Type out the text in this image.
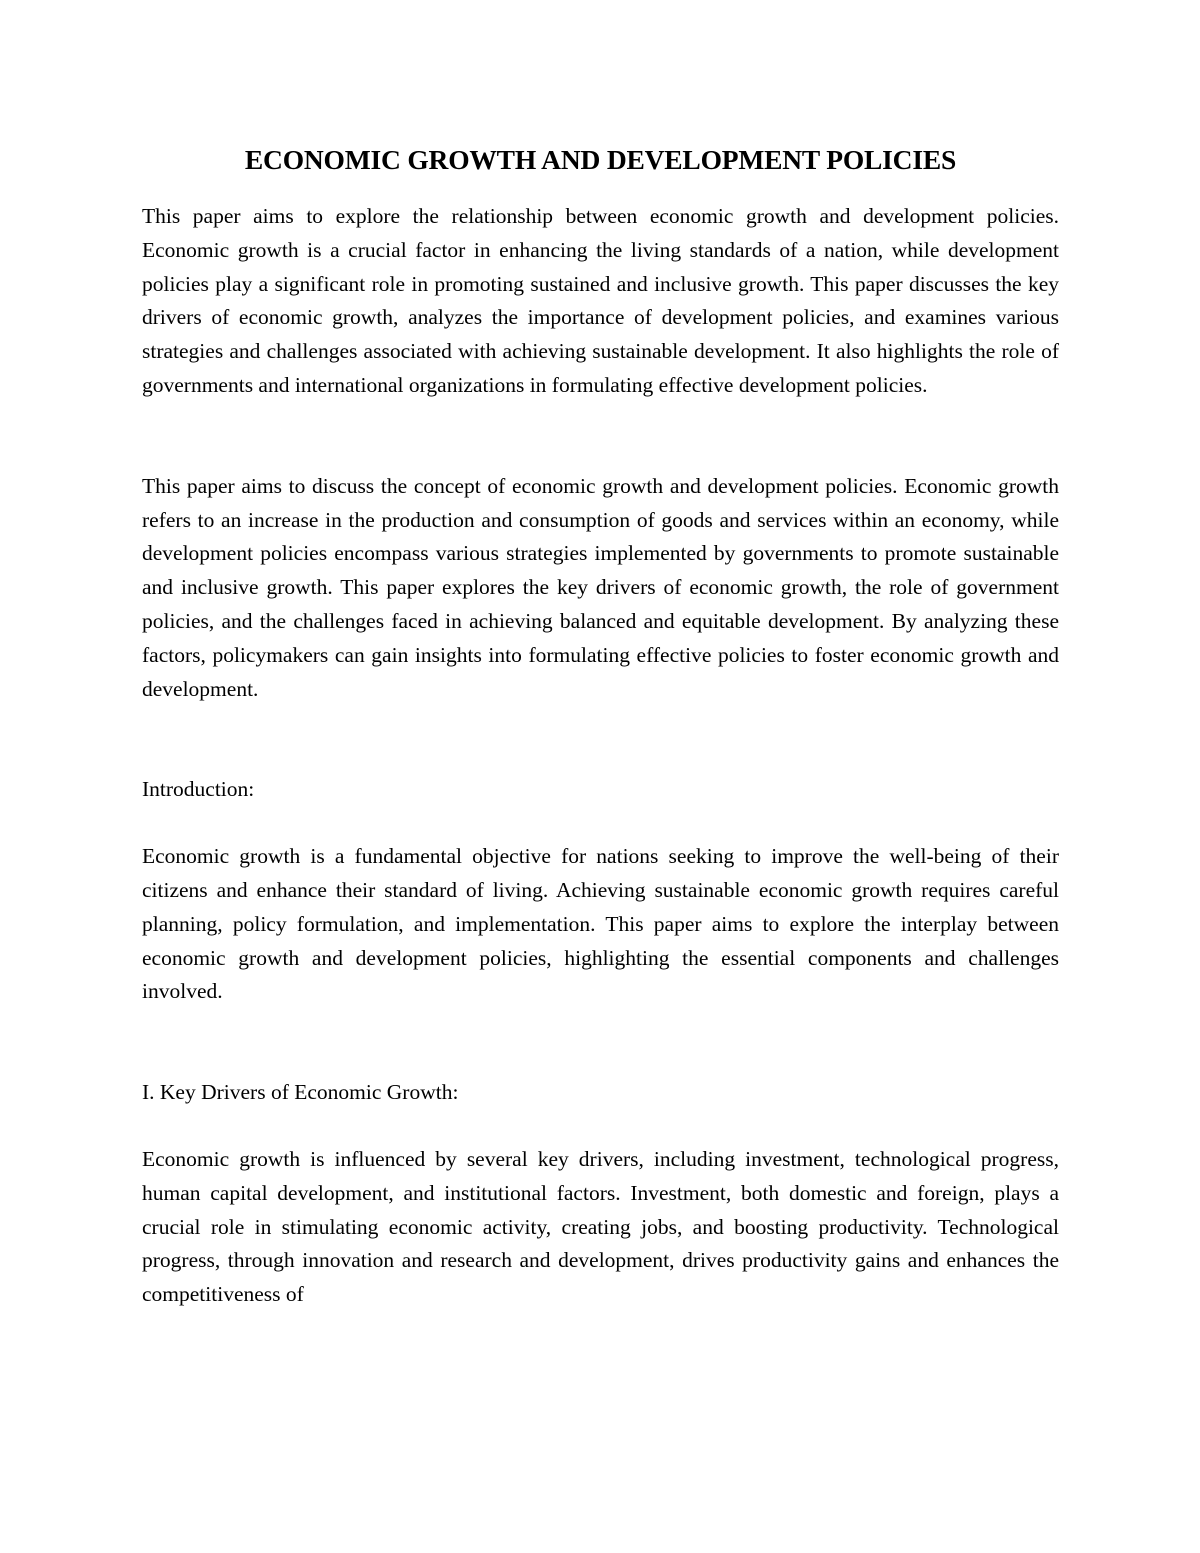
ECONOMIC GROWTH AND DEVELOPMENT POLICIES

This paper aims to explore the relationship between economic growth and development policies. Economic growth is a crucial factor in enhancing the living standards of a nation, while development policies play a significant role in promoting sustained and inclusive growth. This paper discusses the key drivers of economic growth, analyzes the importance of development policies, and examines various strategies and challenges associated with achieving sustainable development. It also highlights the role of governments and international organizations in formulating effective development policies.

This paper aims to discuss the concept of economic growth and development policies. Economic growth refers to an increase in the production and consumption of goods and services within an economy, while development policies encompass various strategies implemented by governments to promote sustainable and inclusive growth. This paper explores the key drivers of economic growth, the role of government policies, and the challenges faced in achieving balanced and equitable development. By analyzing these factors, policymakers can gain insights into formulating effective policies to foster economic growth and development.

Introduction:

Economic growth is a fundamental objective for nations seeking to improve the well-being of their citizens and enhance their standard of living. Achieving sustainable economic growth requires careful planning, policy formulation, and implementation. This paper aims to explore the interplay between economic growth and development policies, highlighting the essential components and challenges involved.

I. Key Drivers of Economic Growth:

Economic growth is influenced by several key drivers, including investment, technological progress, human capital development, and institutional factors. Investment, both domestic and foreign, plays a crucial role in stimulating economic activity, creating jobs, and boosting productivity. Technological progress, through innovation and research and development, drives productivity gains and enhances the competitiveness of
